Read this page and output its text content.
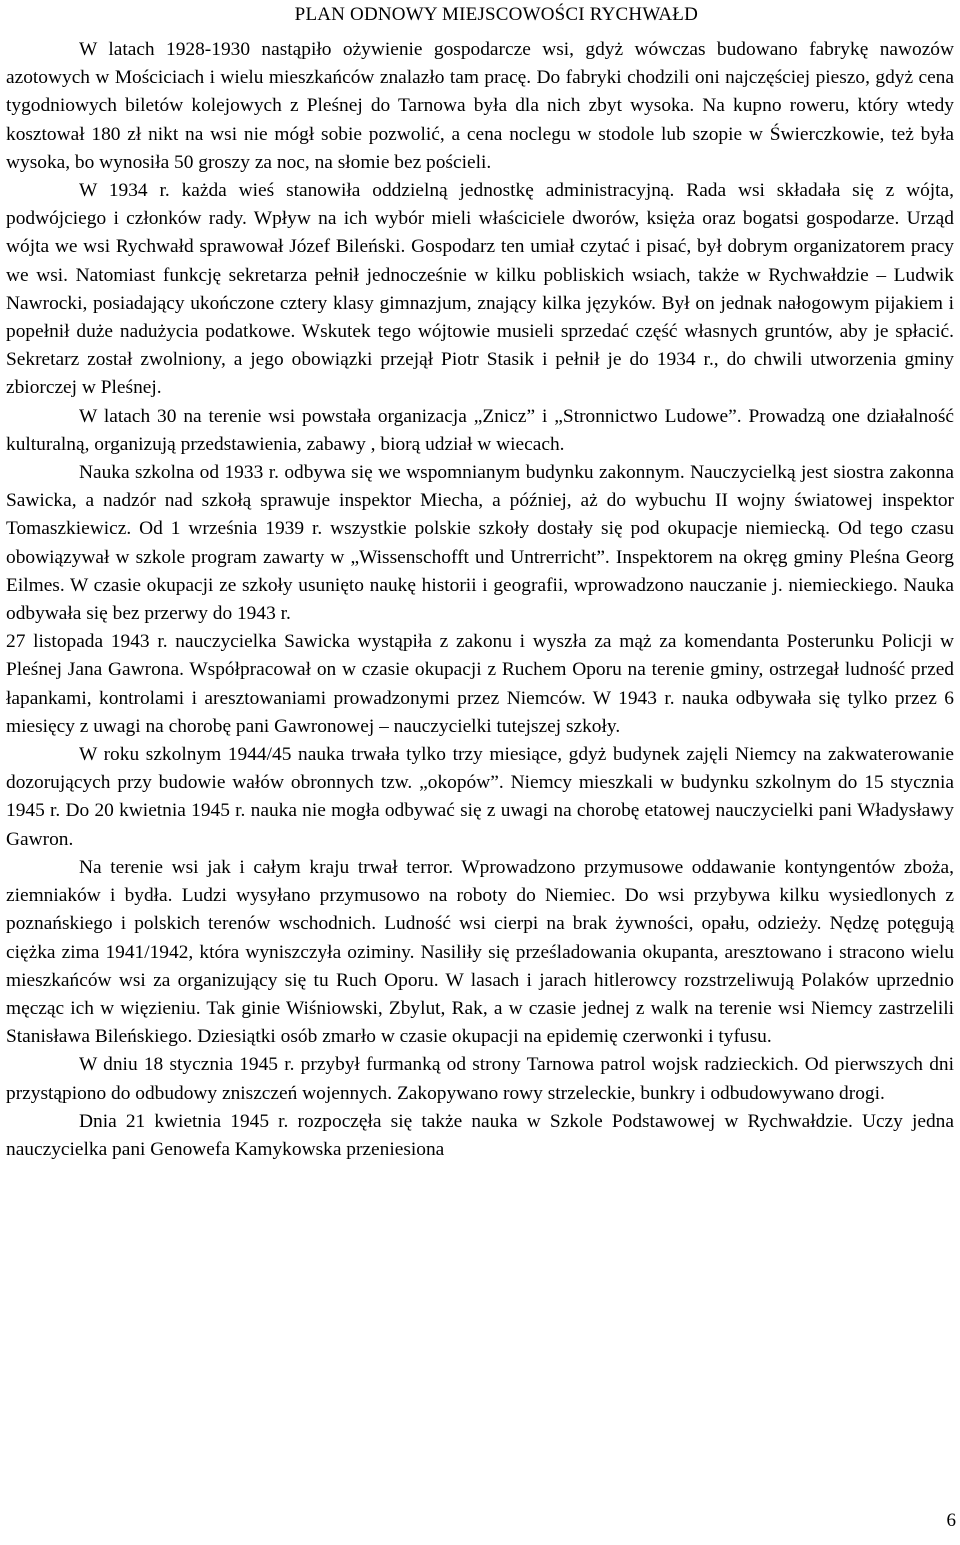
PLAN ODNOWY MIEJSCOWOŚCI RYCHWAŁD

W latach 1928-1930 nastąpiło ożywienie gospodarcze wsi, gdyż wówczas budowano fabrykę nawozów azotowych w Mościciach i wielu mieszkańców znalazło tam pracę. Do fabryki chodzili oni najczęściej pieszo, gdyż cena tygodniowych biletów kolejowych z Pleśnej do Tarnowa była dla nich zbyt wysoka. Na kupno roweru, który wtedy kosztował 180 zł nikt na wsi nie mógł sobie pozwolić, a cena noclegu w stodole lub szopie w Świerczkowie, też była wysoka, bo wynosiła 50 groszy za noc, na słomie bez pościeli.

W 1934 r. każda wieś stanowiła oddzielną jednostkę administracyjną. Rada wsi składała się z wójta, podwójciego i członków rady. Wpływ na ich wybór mieli właściciele dworów, księża oraz bogatsi gospodarze. Urząd wójta we wsi Rychwałd sprawował Józef Bileński. Gospodarz ten umiał czytać i pisać, był dobrym organizatorem pracy we wsi. Natomiast funkcję sekretarza pełnił jednocześnie w kilku pobliskich wsiach, także w Rychwałdzie – Ludwik Nawrocki, posiadający ukończone cztery klasy gimnazjum, znający kilka języków. Był on jednak nałogowym pijakiem i popełnił duże nadużycia podatkowe. Wskutek tego wójtowie musieli sprzedać część własnych gruntów, aby je spłacić. Sekretarz został zwolniony, a jego obowiązki przejął Piotr Stasik i pełnił je do 1934 r., do chwili utworzenia gminy zbiorczej w Pleśnej.

W latach 30 na terenie wsi powstała organizacja „Znicz” i „Stronnictwo Ludowe”. Prowadzą one działalność kulturalną, organizują przedstawienia, zabawy , biorą udział w wiecach.

Nauka szkolna od 1933 r. odbywa się we wspomnianym budynku zakonnym. Nauczycielką jest siostra zakonna Sawicka, a nadzór nad szkołą sprawuje inspektor Miecha, a później, aż do wybuchu II wojny światowej inspektor Tomaszkiewicz. Od 1 września 1939 r. wszystkie polskie szkoły dostały się pod okupacje niemiecką. Od tego czasu obowiązywał w szkole program zawarty w „Wissenschofft und Untrerricht”. Inspektorem na okręg gminy Pleśna Georg Eilmes. W czasie okupacji ze szkoły usunięto naukę historii i geografii, wprowadzono nauczanie j. niemieckiego. Nauka odbywała się bez przerwy do 1943 r.

27 listopada 1943 r. nauczycielka Sawicka wystąpiła z zakonu i wyszła za mąż za komendanta Posterunku Policji w Pleśnej Jana Gawrona. Współpracował on w czasie okupacji z Ruchem Oporu na terenie gminy, ostrzegał ludność przed łapankami, kontrolami i aresztowaniami prowadzonymi przez Niemców. W 1943 r. nauka odbywała się tylko przez 6 miesięcy z uwagi na chorobę pani Gawronowej – nauczycielki tutejszej szkoły.

W roku szkolnym 1944/45 nauka trwała tylko trzy miesiące, gdyż budynek zajęli Niemcy na zakwaterowanie dozorujących przy budowie wałów obronnych tzw. „okopów”. Niemcy mieszkali w budynku szkolnym do 15 stycznia 1945 r. Do 20 kwietnia 1945 r. nauka nie mogła odbywać się z uwagi na chorobę etatowej nauczycielki pani Władysławy Gawron.

Na terenie wsi jak i całym kraju trwał terror. Wprowadzono przymusowe oddawanie kontyngentów zboża, ziemniaków i bydła. Ludzi wysyłano przymusowo na roboty do Niemiec. Do wsi przybywa kilku wysiedlonych z poznańskiego i polskich terenów wschodnich. Ludność wsi cierpi na brak żywności, opału, odzieży. Nędzę potęgują ciężka zima 1941/1942, która wyniszczyła oziminy. Nasiliły się prześladowania okupanta, aresztowano i stracono wielu mieszkańców wsi za organizujący się tu Ruch Oporu. W lasach i jarach hitlerowcy rozstrzeliwują Polaków uprzednio męcząc ich w więzieniu. Tak ginie Wiśniowski, Zbylut, Rak, a w czasie jednej z walk na terenie wsi Niemcy zastrzelili Stanisława Bileńskiego. Dziesiątki osób zmarło w czasie okupacji na epidemię czerwonki i tyfusu.

W dniu 18 stycznia 1945 r. przybył furmanką od strony Tarnowa patrol wojsk radzieckich. Od pierwszych dni przystąpiono do odbudowy zniszczeń wojennych. Zakopywano rowy strzeleckie, bunkry i odbudowywano drogi.

Dnia 21 kwietnia 1945 r. rozpoczęła się także nauka w Szkole Podstawowej w Rychwałdzie. Uczy jedna nauczycielka pani Genowefa Kamykowska przeniesiona

6
